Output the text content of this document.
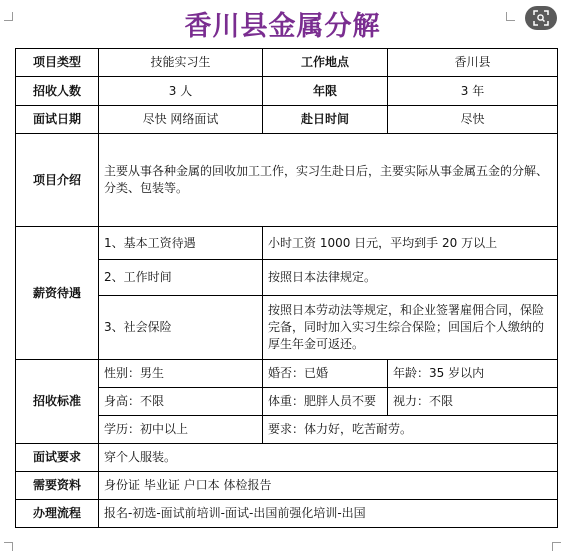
香川县金属分解
项目类型	技能实习生	工作地点	香川县
招收人数	3 人	年限	3 年
面试日期	尽快 网络面试	赴日时间	尽快
项目介绍	主要从事各种金属的回收加工工作，实习生赴日后，主要实际从事金属五金的分解、分类、包装等。		
薪资待遇	1、基本工资待遇	小时工资 1000 日元，平均到手 20 万以上	
	2、工作时间	按照日本法律规定。	
	3、社会保险	按照日本劳动法等规定，和企业签署雇佣合同，保险完备，同时加入实习生综合保险；回国后个人缴纳的厚生年金可返还。	
招收标准	性别：男生	婚否：已婚	年龄：35 岁以内
	身高：不限	体重：肥胖人员不要	视力：不限
	学历：初中以上	要求：体力好，吃苦耐劳。	
面试要求	穿个人服装。		
需要资料	身份证 毕业证 户口本 体检报告		
办理流程	报名-初选-面试前培训-面试-出国前强化培训-出国		
